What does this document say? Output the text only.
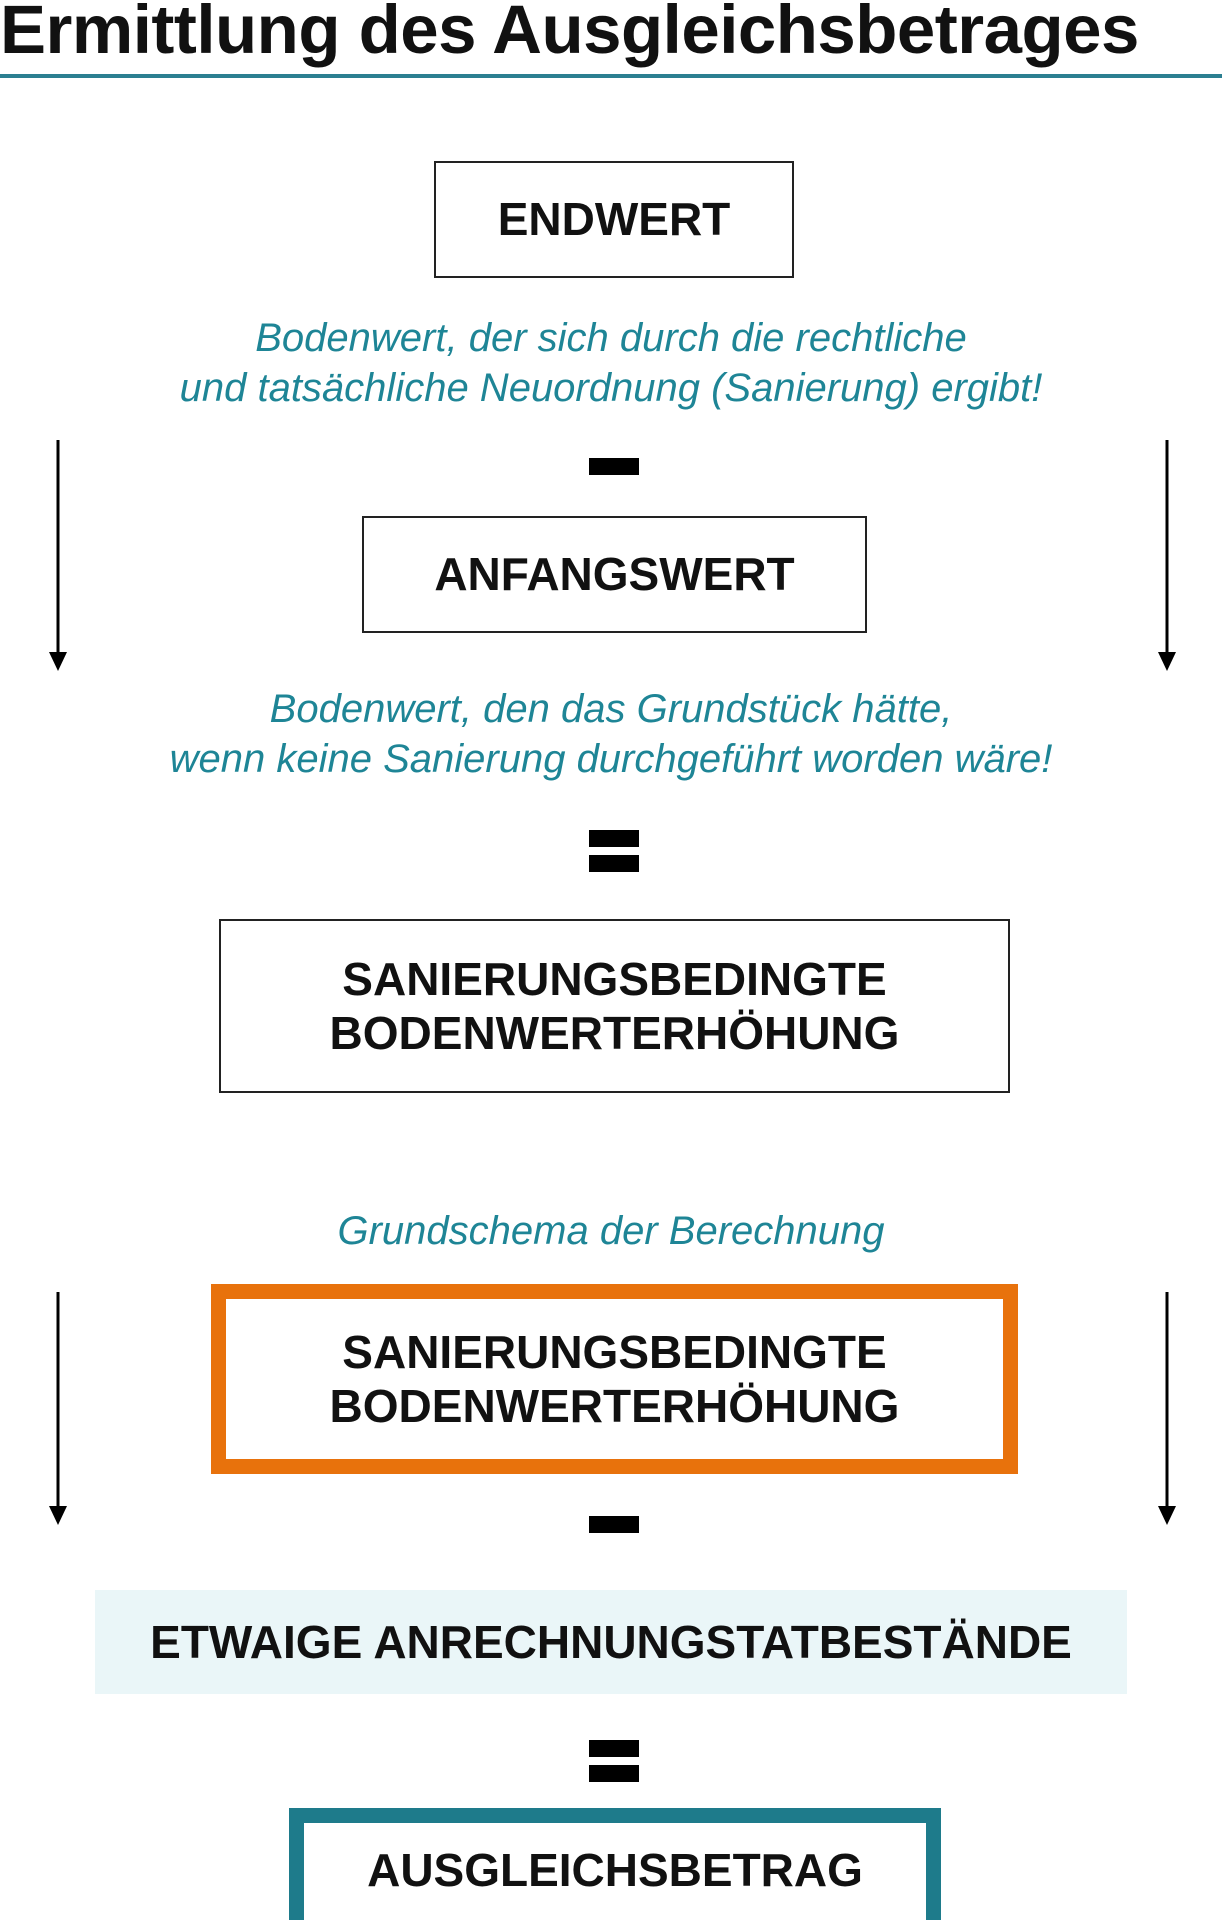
Ermittlung des Ausgleichsbetrages
ENDWERT
Bodenwert, der sich durch die rechtliche
und tatsächliche Neuordnung (Sanierung) ergibt!
ANFANGSWERT
Bodenwert, den das Grundstück hätte,
wenn keine Sanierung durchgeführt worden wäre!
SANIERUNGSBEDINGTE
BODENWERTERHÖHUNG
Grundschema der Berechnung
SANIERUNGSBEDINGTE
BODENWERTERHÖHUNG
ETWAIGE ANRECHNUNGSTATBESTÄNDE
AUSGLEICHSBETRAG
